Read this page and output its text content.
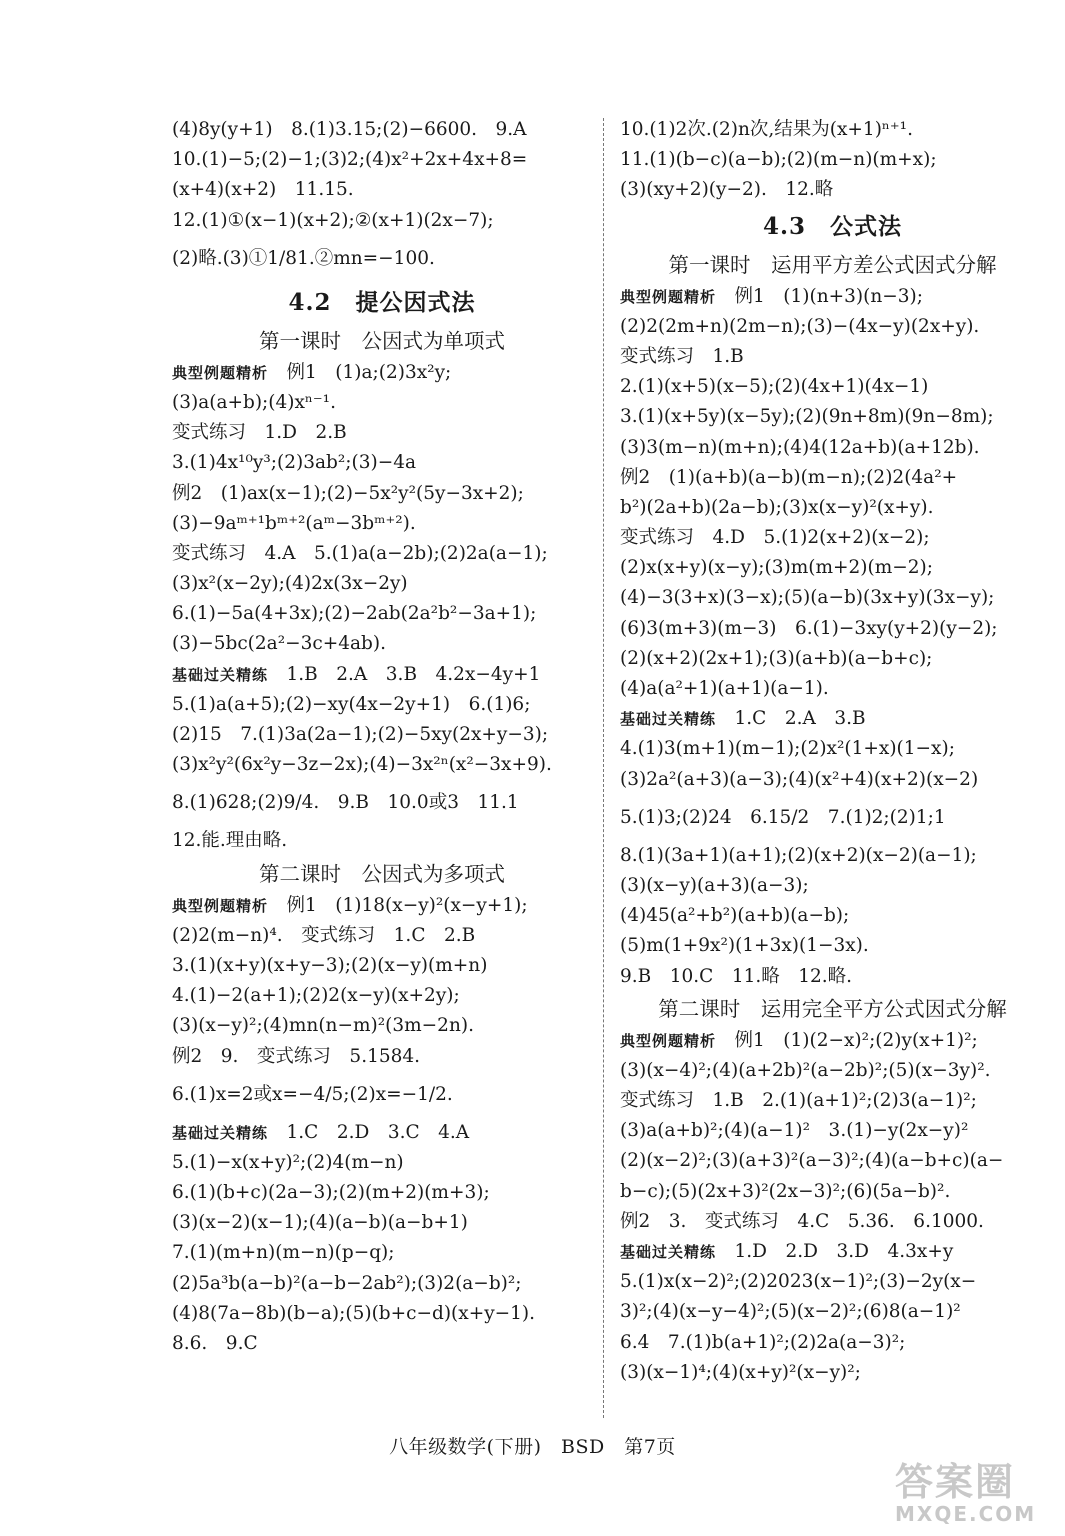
(4)8y(y+1)　8.(1)3.15;(2)−6600.　9.A
10.(1)−5;(2)−1;(3)2;(4)x²+2x+4x+8=
(x+4)(x+2)　11.15.
12.(1)①(x−1)(x+2);②(x+1)(2x−7);
(2)略.(3)①1/81.②mn=−100.
4.2　提公因式法
第一课时　公因式为单项式
典型例题精析　 例1　(1)a;(2)3x²y;
(3)a(a+b);(4)xⁿ⁻¹.
变式练习　1.D　2.B
3.(1)4x¹⁰y³;(2)3ab²;(3)−4a
例2　(1)ax(x−1);(2)−5x²y²(5y−3x+2);
(3)−9aᵐ⁺¹bᵐ⁺²(aᵐ−3bᵐ⁺²).
变式练习　4.A　5.(1)a(a−2b);(2)2a(a−1);
(3)x²(x−2y);(4)2x(3x−2y)
6.(1)−5a(4+3x);(2)−2ab(2a²b²−3a+1);
(3)−5bc(2a²−3c+4ab).
基础过关精练　 1.B　2.A　3.B　4.2x−4y+1
5.(1)a(a+5);(2)−xy(4x−2y+1)　6.(1)6;
(2)15　7.(1)3a(2a−1);(2)−5xy(2x+y−3);
(3)x²y²(6x²y−3z−2x);(4)−3x²ⁿ(x²−3x+9).
8.(1)628;(2)9/4.　9.B　10.0或3　11.1
12.能.理由略.
第二课时　公因式为多项式
典型例题精析　 例1　(1)18(x−y)²(x−y+1);
(2)2(m−n)⁴.　变式练习　1.C　2.B
3.(1)(x+y)(x+y−3);(2)(x−y)(m+n)
4.(1)−2(a+1);(2)2(x−y)(x+2y);
(3)(x−y)²;(4)mn(n−m)²(3m−2n).
例2　9.　变式练习　5.1584.
6.(1)x=2或x=−4/5;(2)x=−1/2.
基础过关精练　 1.C　2.D　3.C　4.A
5.(1)−x(x+y)²;(2)4(m−n)
6.(1)(b+c)(2a−3);(2)(m+2)(m+3);
(3)(x−2)(x−1);(4)(a−b)(a−b+1)
7.(1)(m+n)(m−n)(p−q);
(2)5a³b(a−b)²(a−b−2ab²);(3)2(a−b)²;
(4)8(7a−8b)(b−a);(5)(b+c−d)(x+y−1).
8.6.　9.C
10.(1)2次.(2)n次,结果为(x+1)ⁿ⁺¹.
11.(1)(b−c)(a−b);(2)(m−n)(m+x);
(3)(xy+2)(y−2).　12.略
4.3　公式法
第一课时　运用平方差公式因式分解
典型例题精析　 例1　(1)(n+3)(n−3);
(2)2(2m+n)(2m−n);(3)−(4x−y)(2x+y).
变式练习　1.B
2.(1)(x+5)(x−5);(2)(4x+1)(4x−1)
3.(1)(x+5y)(x−5y);(2)(9n+8m)(9n−8m);
(3)3(m−n)(m+n);(4)4(12a+b)(a+12b).
例2　(1)(a+b)(a−b)(m−n);(2)2(4a²+
b²)(2a+b)(2a−b);(3)x(x−y)²(x+y).
变式练习　4.D　5.(1)2(x+2)(x−2);
(2)x(x+y)(x−y);(3)m(m+2)(m−2);
(4)−3(3+x)(3−x);(5)(a−b)(3x+y)(3x−y);
(6)3(m+3)(m−3)　6.(1)−3xy(y+2)(y−2);
(2)(x+2)(2x+1);(3)(a+b)(a−b+c);
(4)a(a²+1)(a+1)(a−1).
基础过关精练　 1.C　2.A　3.B
4.(1)3(m+1)(m−1);(2)x²(1+x)(1−x);
(3)2a²(a+3)(a−3);(4)(x²+4)(x+2)(x−2)
5.(1)3;(2)24　6.15/2　7.(1)2;(2)1;1
8.(1)(3a+1)(a+1);(2)(x+2)(x−2)(a−1);
(3)(x−y)(a+3)(a−3);
(4)45(a²+b²)(a+b)(a−b);
(5)m(1+9x²)(1+3x)(1−3x).
9.B　10.C　11.略　12.略.
第二课时　运用完全平方公式因式分解
典型例题精析　 例1　(1)(2−x)²;(2)y(x+1)²;
(3)(x−4)²;(4)(a+2b)²(a−2b)²;(5)(x−3y)².
变式练习　1.B　2.(1)(a+1)²;(2)3(a−1)²;
(3)a(a+b)²;(4)(a−1)²　3.(1)−y(2x−y)²
(2)(x−2)²;(3)(a+3)²(a−3)²;(4)(a−b+c)(a−
b−c);(5)(2x+3)²(2x−3)²;(6)(5a−b)².
例2　3.　变式练习　4.C　5.36.　6.1000.
基础过关精练　 1.D　2.D　3.D　4.3x+y
5.(1)x(x−2)²;(2)2023(x−1)²;(3)−2y(x−
3)²;(4)(x−y−4)²;(5)(x−2)²;(6)8(a−1)²
6.4　7.(1)b(a+1)²;(2)2a(a−3)²;
(3)(x−1)⁴;(4)(x+y)²(x−y)²;
八年级数学(下册)　BSD　第7页
答案圈
MXQE.COM
